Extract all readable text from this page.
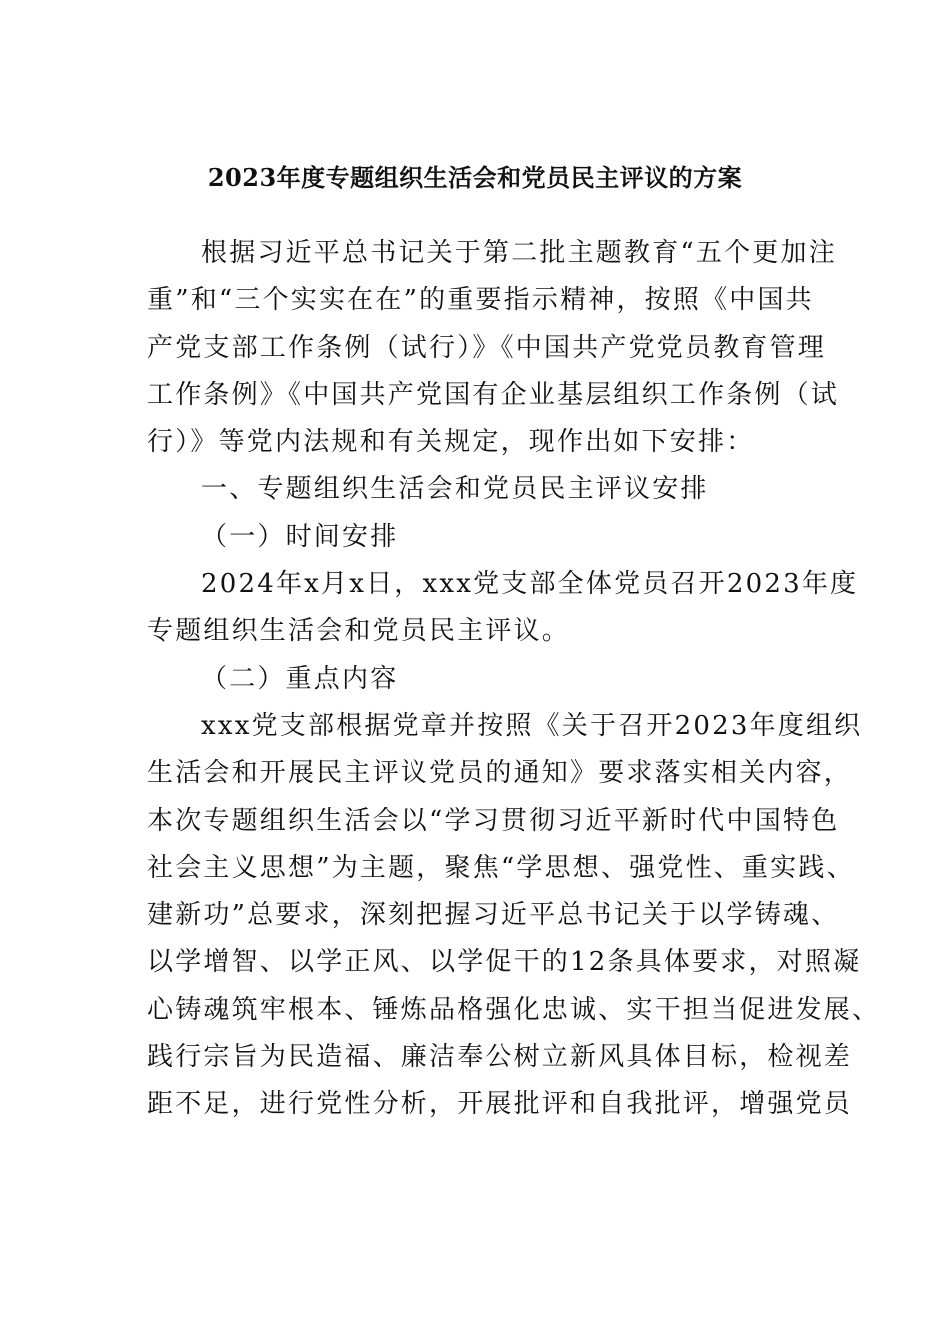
2023年度专题组织生活会和党员民主评议的方案

根据习近平总书记关于第二批主题教育“五个更加注
重”和“三个实实在在”的重要指示精神，按照《中国共
产党支部工作条例（试行）》《中国共产党党员教育管理
工作条例》《中国共产党国有企业基层组织工作条例（试
行）》等党内法规和有关规定，现作出如下安排：

一、专题组织生活会和党员民主评议安排

（一）时间安排

2024年x月x日，xxx党支部全体党员召开2023年度
专题组织生活会和党员民主评议。

（二）重点内容

xxx党支部根据党章并按照《关于召开2023年度组织
生活会和开展民主评议党员的通知》要求落实相关内容，
本次专题组织生活会以“学习贯彻习近平新时代中国特色
社会主义思想”为主题，聚焦“学思想、强党性、重实践、
建新功”总要求，深刻把握习近平总书记关于以学铸魂、
以学增智、以学正风、以学促干的12条具体要求，对照凝
心铸魂筑牢根本、锤炼品格强化忠诚、实干担当促进发展、
践行宗旨为民造福、廉洁奉公树立新风具体目标，检视差
距不足，进行党性分析，开展批评和自我批评，增强党员
